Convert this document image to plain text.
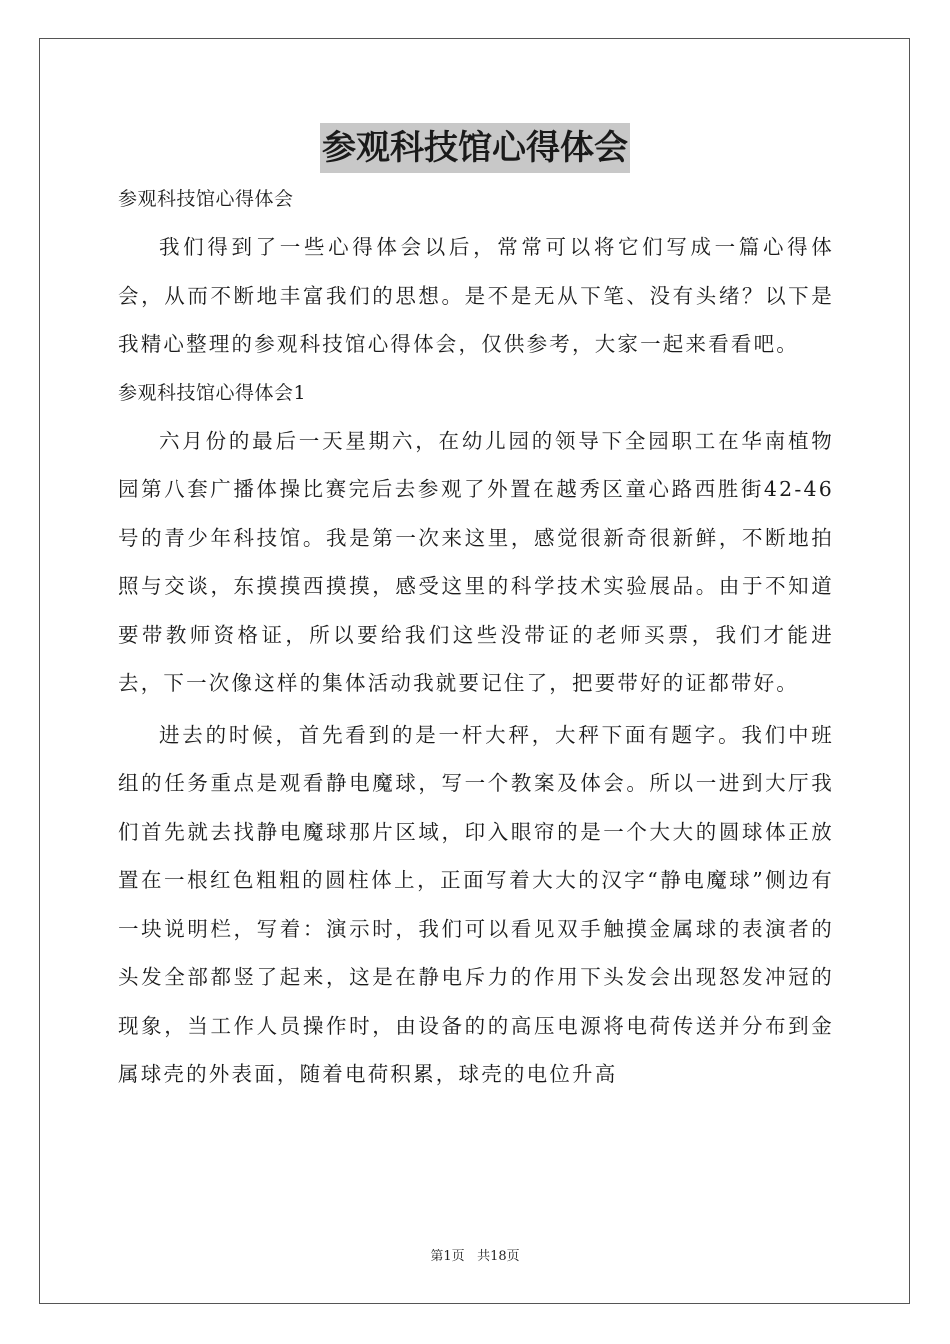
参观科技馆心得体会

参观科技馆心得体会

我们得到了一些心得体会以后，常常可以将它们写成一篇心得体会，从而不断地丰富我们的思想。是不是无从下笔、没有头绪？以下是我精心整理的参观科技馆心得体会，仅供参考，大家一起来看看吧。

参观科技馆心得体会1

六月份的最后一天星期六，在幼儿园的领导下全园职工在华南植物园第八套广播体操比赛完后去参观了外置在越秀区童心路西胜街42-46号的青少年科技馆。我是第一次来这里，感觉很新奇很新鲜，不断地拍照与交谈，东摸摸西摸摸，感受这里的科学技术实验展品。由于不知道要带教师资格证，所以要给我们这些没带证的老师买票，我们才能进去，下一次像这样的集体活动我就要记住了，把要带好的证都带好。

进去的时候，首先看到的是一杆大秤，大秤下面有题字。我们中班组的任务重点是观看静电魔球，写一个教案及体会。所以一进到大厅我们首先就去找静电魔球那片区域，印入眼帘的是一个大大的圆球体正放置在一根红色粗粗的圆柱体上，正面写着大大的汉字“静电魔球”侧边有一块说明栏，写着：演示时，我们可以看见双手触摸金属球的表演者的头发全部都竖了起来，这是在静电斥力的作用下头发会出现怒发冲冠的现象，当工作人员操作时，由设备的的高压电源将电荷传送并分布到金属球壳的外表面，随着电荷积累，球壳的电位升高

第1页 共18页
